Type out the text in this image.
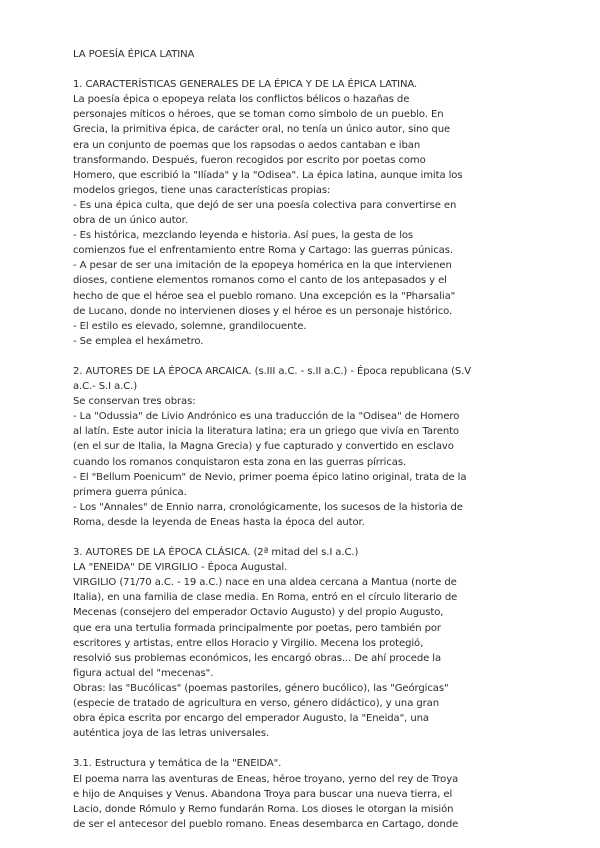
LA POESÍA ÉPICA LATINA
1. CARACTERÍSTICAS GENERALES DE LA ÉPICA Y DE LA ÉPICA LATINA.
La poesía épica o epopeya relata los conflictos bélicos o hazañas de
personajes míticos o héroes, que se toman como símbolo de un pueblo. En
Grecia, la primitiva épica, de carácter oral, no tenía un único autor, sino que
era un conjunto de poemas que los rapsodas o aedos cantaban e iban
transformando. Después, fueron recogidos por escrito por poetas como
Homero, que escribió la "Ilíada" y la "Odisea". La épica latina, aunque imita los
modelos griegos, tiene unas características propias:
- Es una épica culta, que dejó de ser una poesía colectiva para convertirse en
obra de un único autor.
- Es histórica, mezclando leyenda e historia. Así pues, la gesta de los
comienzos fue el enfrentamiento entre Roma y Cartago: las guerras púnicas.
- A pesar de ser una imitación de la epopeya homérica en la que intervienen
dioses, contiene elementos romanos como el canto de los antepasados y el
hecho de que el héroe sea el pueblo romano. Una excepción es la "Pharsalia"
de Lucano, donde no intervienen dioses y el héroe es un personaje histórico.
- El estilo es elevado, solemne, grandilocuente.
- Se emplea el hexámetro.
2. AUTORES DE LA ÉPOCA ARCAICA. (s.III a.C. - s.II a.C.) - Época republicana (S.V
a.C.- S.I a.C.)
Se conservan tres obras:
- La "Odussia" de Livio Andrónico es una traducción de la "Odisea" de Homero
al latín. Este autor inicia la literatura latina; era un griego que vivía en Tarento
(en el sur de Italia, la Magna Grecia) y fue capturado y convertido en esclavo
cuando los romanos conquistaron esta zona en las guerras pírricas.
- El "Bellum Poenicum" de Nevio, primer poema épico latino original, trata de la
primera guerra púnica.
- Los "Annales" de Ennio narra, cronológicamente, los sucesos de la historia de
Roma, desde la leyenda de Eneas hasta la época del autor.
3. AUTORES DE LA ÉPOCA CLÁSICA. (2ª mitad del s.I a.C.)
LA "ENEIDA" DE VIRGILIO - Época Augustal.
VIRGILIO (71/70 a.C. - 19 a.C.) nace en una aldea cercana a Mantua (norte de
Italia), en una familia de clase media. En Roma, entró en el círculo literario de
Mecenas (consejero del emperador Octavio Augusto) y del propio Augusto,
que era una tertulia formada principalmente por poetas, pero también por
escritores y artistas, entre ellos Horacio y Virgilio. Mecena los protegió,
resolvió sus problemas económicos, les encargó obras... De ahí procede la
figura actual del "mecenas".
Obras: las "Bucólicas" (poemas pastoriles, género bucólico), las "Geórgicas"
(especie de tratado de agricultura en verso, género didáctico), y una gran
obra épica escrita por encargo del emperador Augusto, la "Eneida", una
auténtica joya de las letras universales.
3.1. Estructura y temática de la "ENEIDA".
El poema narra las aventuras de Eneas, héroe troyano, yerno del rey de Troya
e hijo de Anquises y Venus. Abandona Troya para buscar una nueva tierra, el
Lacio, donde Rómulo y Remo fundarán Roma. Los dioses le otorgan la misión
de ser el antecesor del pueblo romano. Eneas desembarca en Cartago, donde
